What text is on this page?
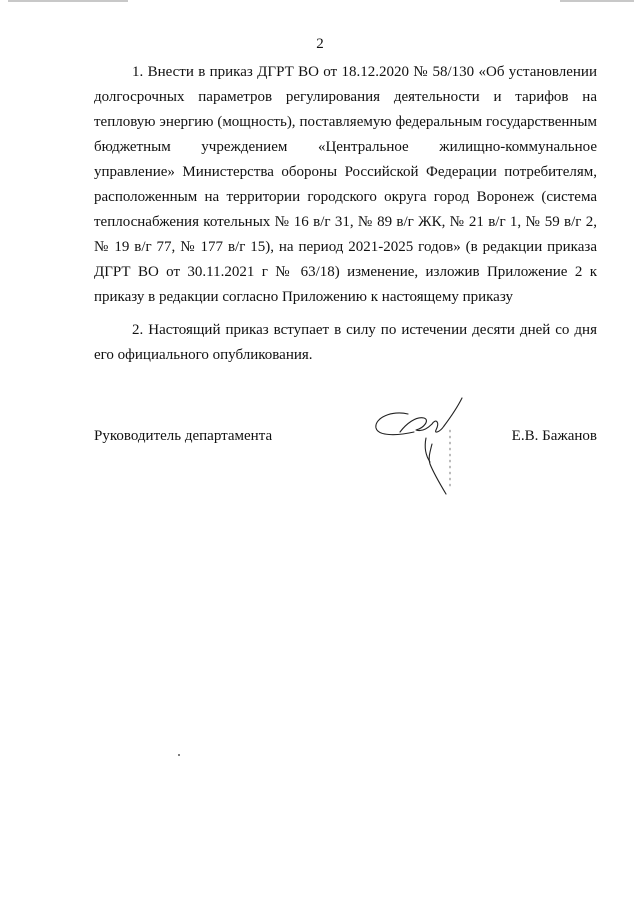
2
1. Внести в приказ ДГРТ ВО от 18.12.2020 № 58/130 «Об установлении
долгосрочных параметров регулирования деятельности и тарифов на
тепловую энергию (мощность), поставляемую федеральным государственным
бюджетным учреждением «Центральное жилищно-коммунальное
управление» Министерства обороны Российской Федерации потребителям,
расположенным на территории городского округа город Воронеж (система
теплоснабжения котельных № 16 в/г 31, № 89 в/г ЖК, № 21 в/г 1, № 59 в/г 2,
№ 19 в/г 77, № 177 в/г 15), на период 2021-2025 годов» (в редакции приказа
ДГРТ ВО от 30.11.2021 г № 63/18) изменение, изложив Приложение 2 к
приказу в редакции согласно Приложению к настоящему приказу
2. Настоящий приказ вступает в силу по истечении десяти дней со дня
его официального опубликования.
Руководитель департамента	Е.В. Бажанов
